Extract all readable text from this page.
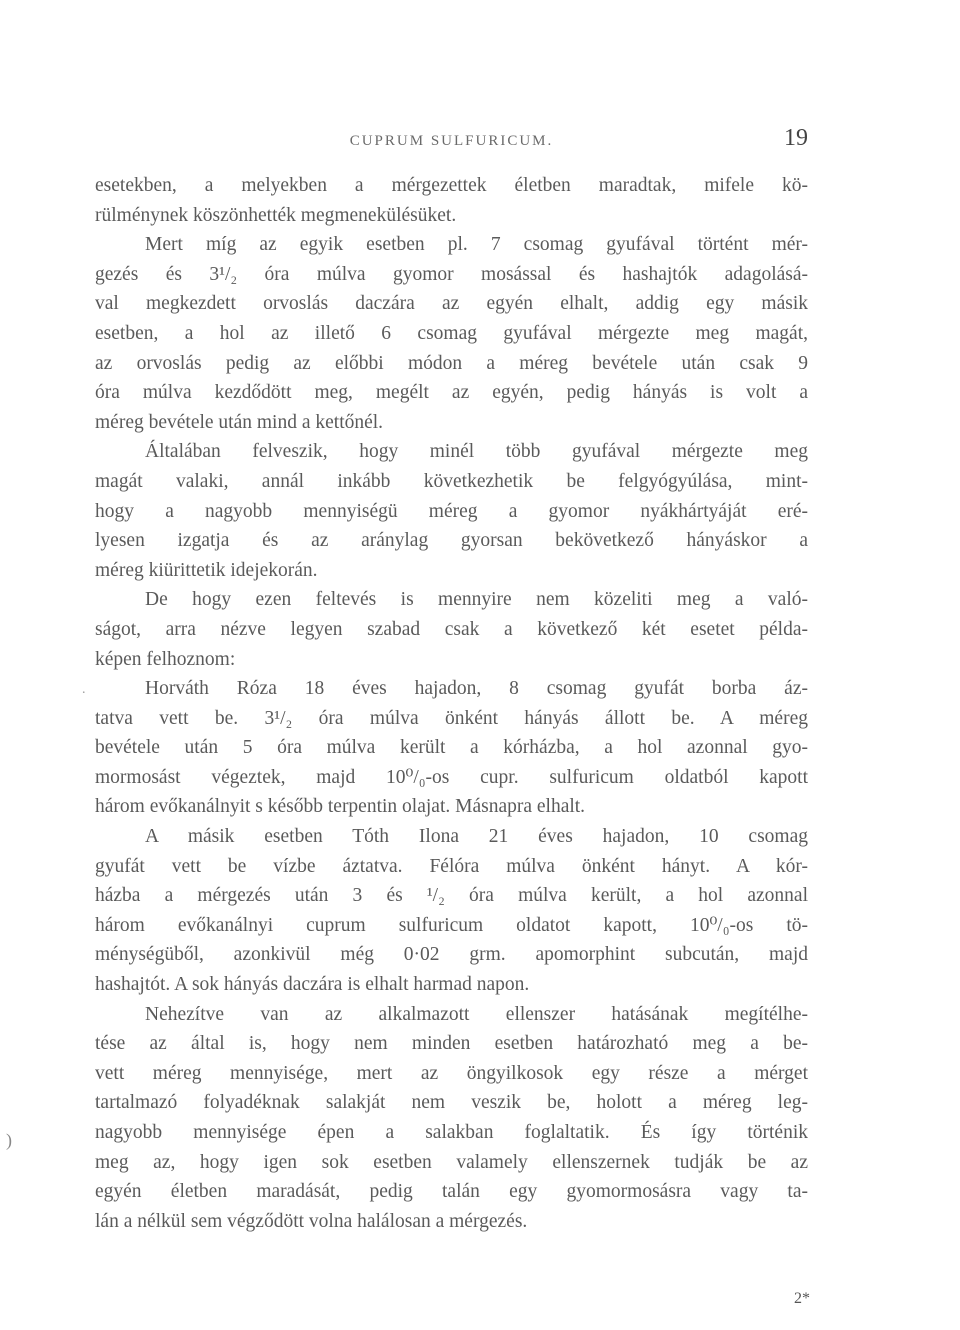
CUPRUM SULFURICUM.	19
esetekben, a melyekben a mérgezettek életben maradtak, mifele kö-
rülménynek köszönhették megmenekülésüket.
Mert míg az egyik esetben pl. 7 csomag gyufával történt mér-
gezés és 3¹/₂ óra múlva gyomor mosással és hashajtók adagolásá-
val megkezdett orvoslás daczára az egyén elhalt, addig egy másik
esetben, a hol az illető 6 csomag gyufával mérgezte meg magát,
az orvoslás pedig az előbbi módon a méreg bevétele után csak 9
óra múlva kezdődött meg, megélt az egyén, pedig hányás is volt a
méreg bevétele után mind a kettőnél.
Általában felveszik, hogy minél több gyufával mérgezte meg
magát valaki, annál inkább következhetik be felgyógyúlása, mint-
hogy a nagyobb mennyiségü méreg a gyomor nyákhártyáját eré-
lyesen izgatja és az aránylag gyorsan bekövetkező hányáskor a
méreg kiürittetik idejekorán.
De hogy ezen feltevés is mennyire nem közeliti meg a való-
ságot, arra nézve legyen szabad csak a következő két esetet példa-
képen felhoznom:
Horváth Róza 18 éves hajadon, 8 csomag gyufát borba áz-
tatva vett be. 3¹/₂ óra múlva önként hányás állott be. A méreg
bevétele után 5 óra múlva került a kórházba, a hol azonnal gyo-
mormosást végeztek, majd 10⁰/₀-os cupr. sulfuricum oldatból kapott
három evőkanálnyit s később terpentin olajat. Másnapra elhalt.
A másik esetben Tóth Ilona 21 éves hajadon, 10 csomag
gyufát vett be vízbe áztatva. Félóra múlva önként hányt. A kór-
házba a mérgezés után 3 és ¹/₂ óra múlva került, a hol azonnal
három evőkanálnyi cuprum sulfuricum oldatot kapott, 10⁰/₀-os tö-
ménységüből, azonkivül még 0·02 grm. apomorphint subcután, majd
hashajtót. A sok hányás daczára is elhalt harmad napon.
Nehezítve van az alkalmazott ellenszer hatásának megítélhe-
tése az által is, hogy nem minden esetben határozható meg a be-
vett méreg mennyisége, mert az öngyilkosok egy része a mérget
tartalmazó folyadéknak salakját nem veszik be, holott a méreg leg-
nagyobb mennyisége épen a salakban foglaltatik. És így történik
meg az, hogy igen sok esetben valamely ellenszernek tudják be az
egyén életben maradását, pedig talán egy gyomormosásra vagy ta-
lán a nélkül sem végződött volna halálosan a mérgezés.
)
.
2*
